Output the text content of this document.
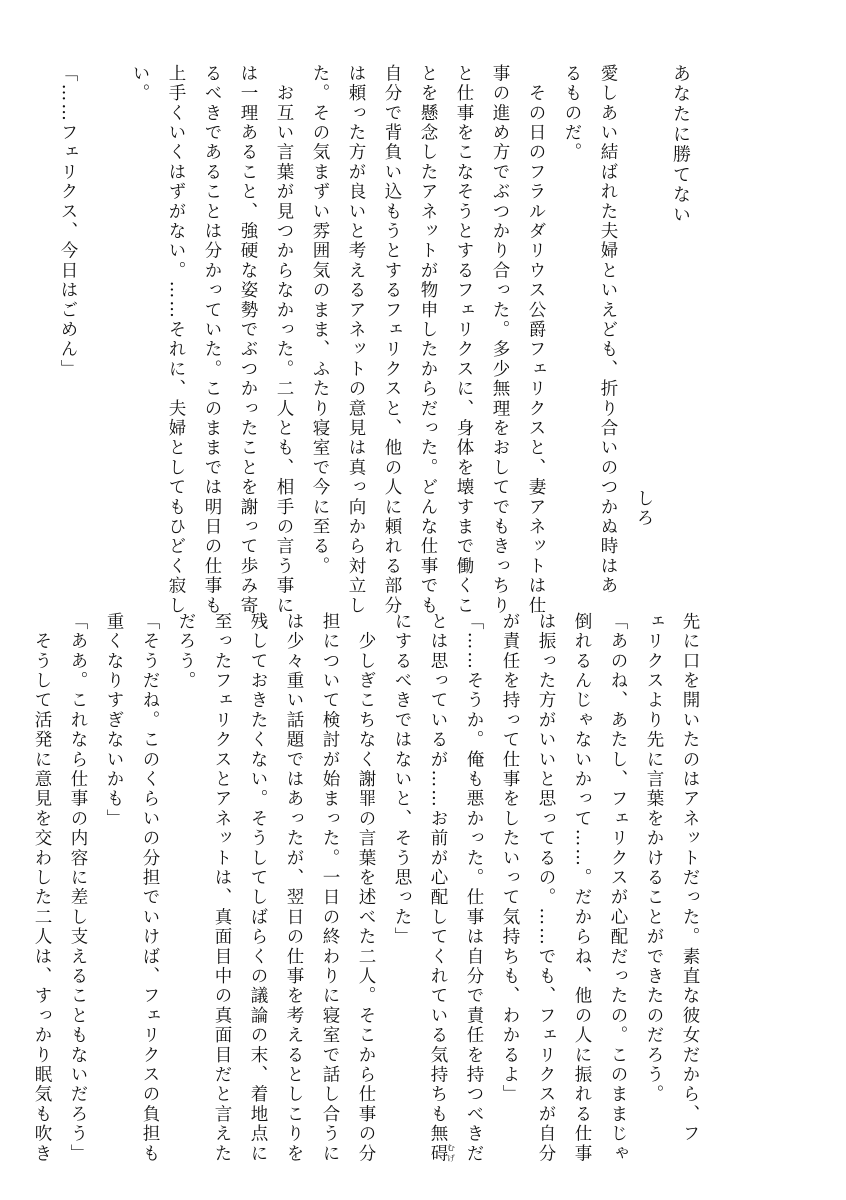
あなたに勝てない
しろ
愛しあい結ばれた夫婦といえども、折り合いのつかぬ時はあ
るものだ。
　その日のフラルダリウス公爵フェリクスと、妻アネットは仕
事の進め方でぶつかり合った。多少無理をおしてでもきっちり
と仕事をこなそうとするフェリクスに、身体を壊すまで働くこ
とを懸念したアネットが物申したからだった。どんな仕事でも
自分で背負い込もうとするフェリクスと、他の人に頼れる部分
は頼った方が良いと考えるアネットの意見は真っ向から対立し
た。その気まずい雰囲気のまま、ふたり寝室で今に至る。
　お互い言葉が見つからなかった。二人とも、相手の言う事に
は一理あること、強硬な姿勢でぶつかったことを謝って歩み寄
るべきであることは分かっていた。このままでは明日の仕事も
上手くいくはずがない。……それに、夫婦としてもひどく寂し
い。

「……フェリクス、今日はごめん」

先に口を開いたのはアネットだった。素直な彼女だから、フ
ェリクスより先に言葉をかけることができたのだろう。
「あのね、あたし、フェリクスが心配だったの。このままじゃ
倒れるんじゃないかって……。だからね、他の人に振れる仕事
は振った方がいいと思ってるの。……でも、フェリクスが自分
が責任を持って仕事をしたいって気持ちも、わかるよ」
「……そうか。俺も悪かった。仕事は自分で責任を持つべきだ
とは思っているが……お前が心配してくれている気持ちも無碍むげ
にするべきではないと、そう思った」
　少しぎこちなく謝罪の言葉を述べた二人。そこから仕事の分
担について検討が始まった。一日の終わりに寝室で話し合うに
は少々重い話題ではあったが、翌日の仕事を考えるとしこりを
残しておきたくない。そうしてしばらくの議論の末、着地点に
至ったフェリクスとアネットは、真面目中の真面目だと言えた
だろう。
「そうだね。このくらいの分担でいけば、フェリクスの負担も
重くなりすぎないかも」
「ああ。これなら仕事の内容に差し支えることもないだろう」
　そうして活発に意見を交わした二人は、すっかり眠気も吹き
